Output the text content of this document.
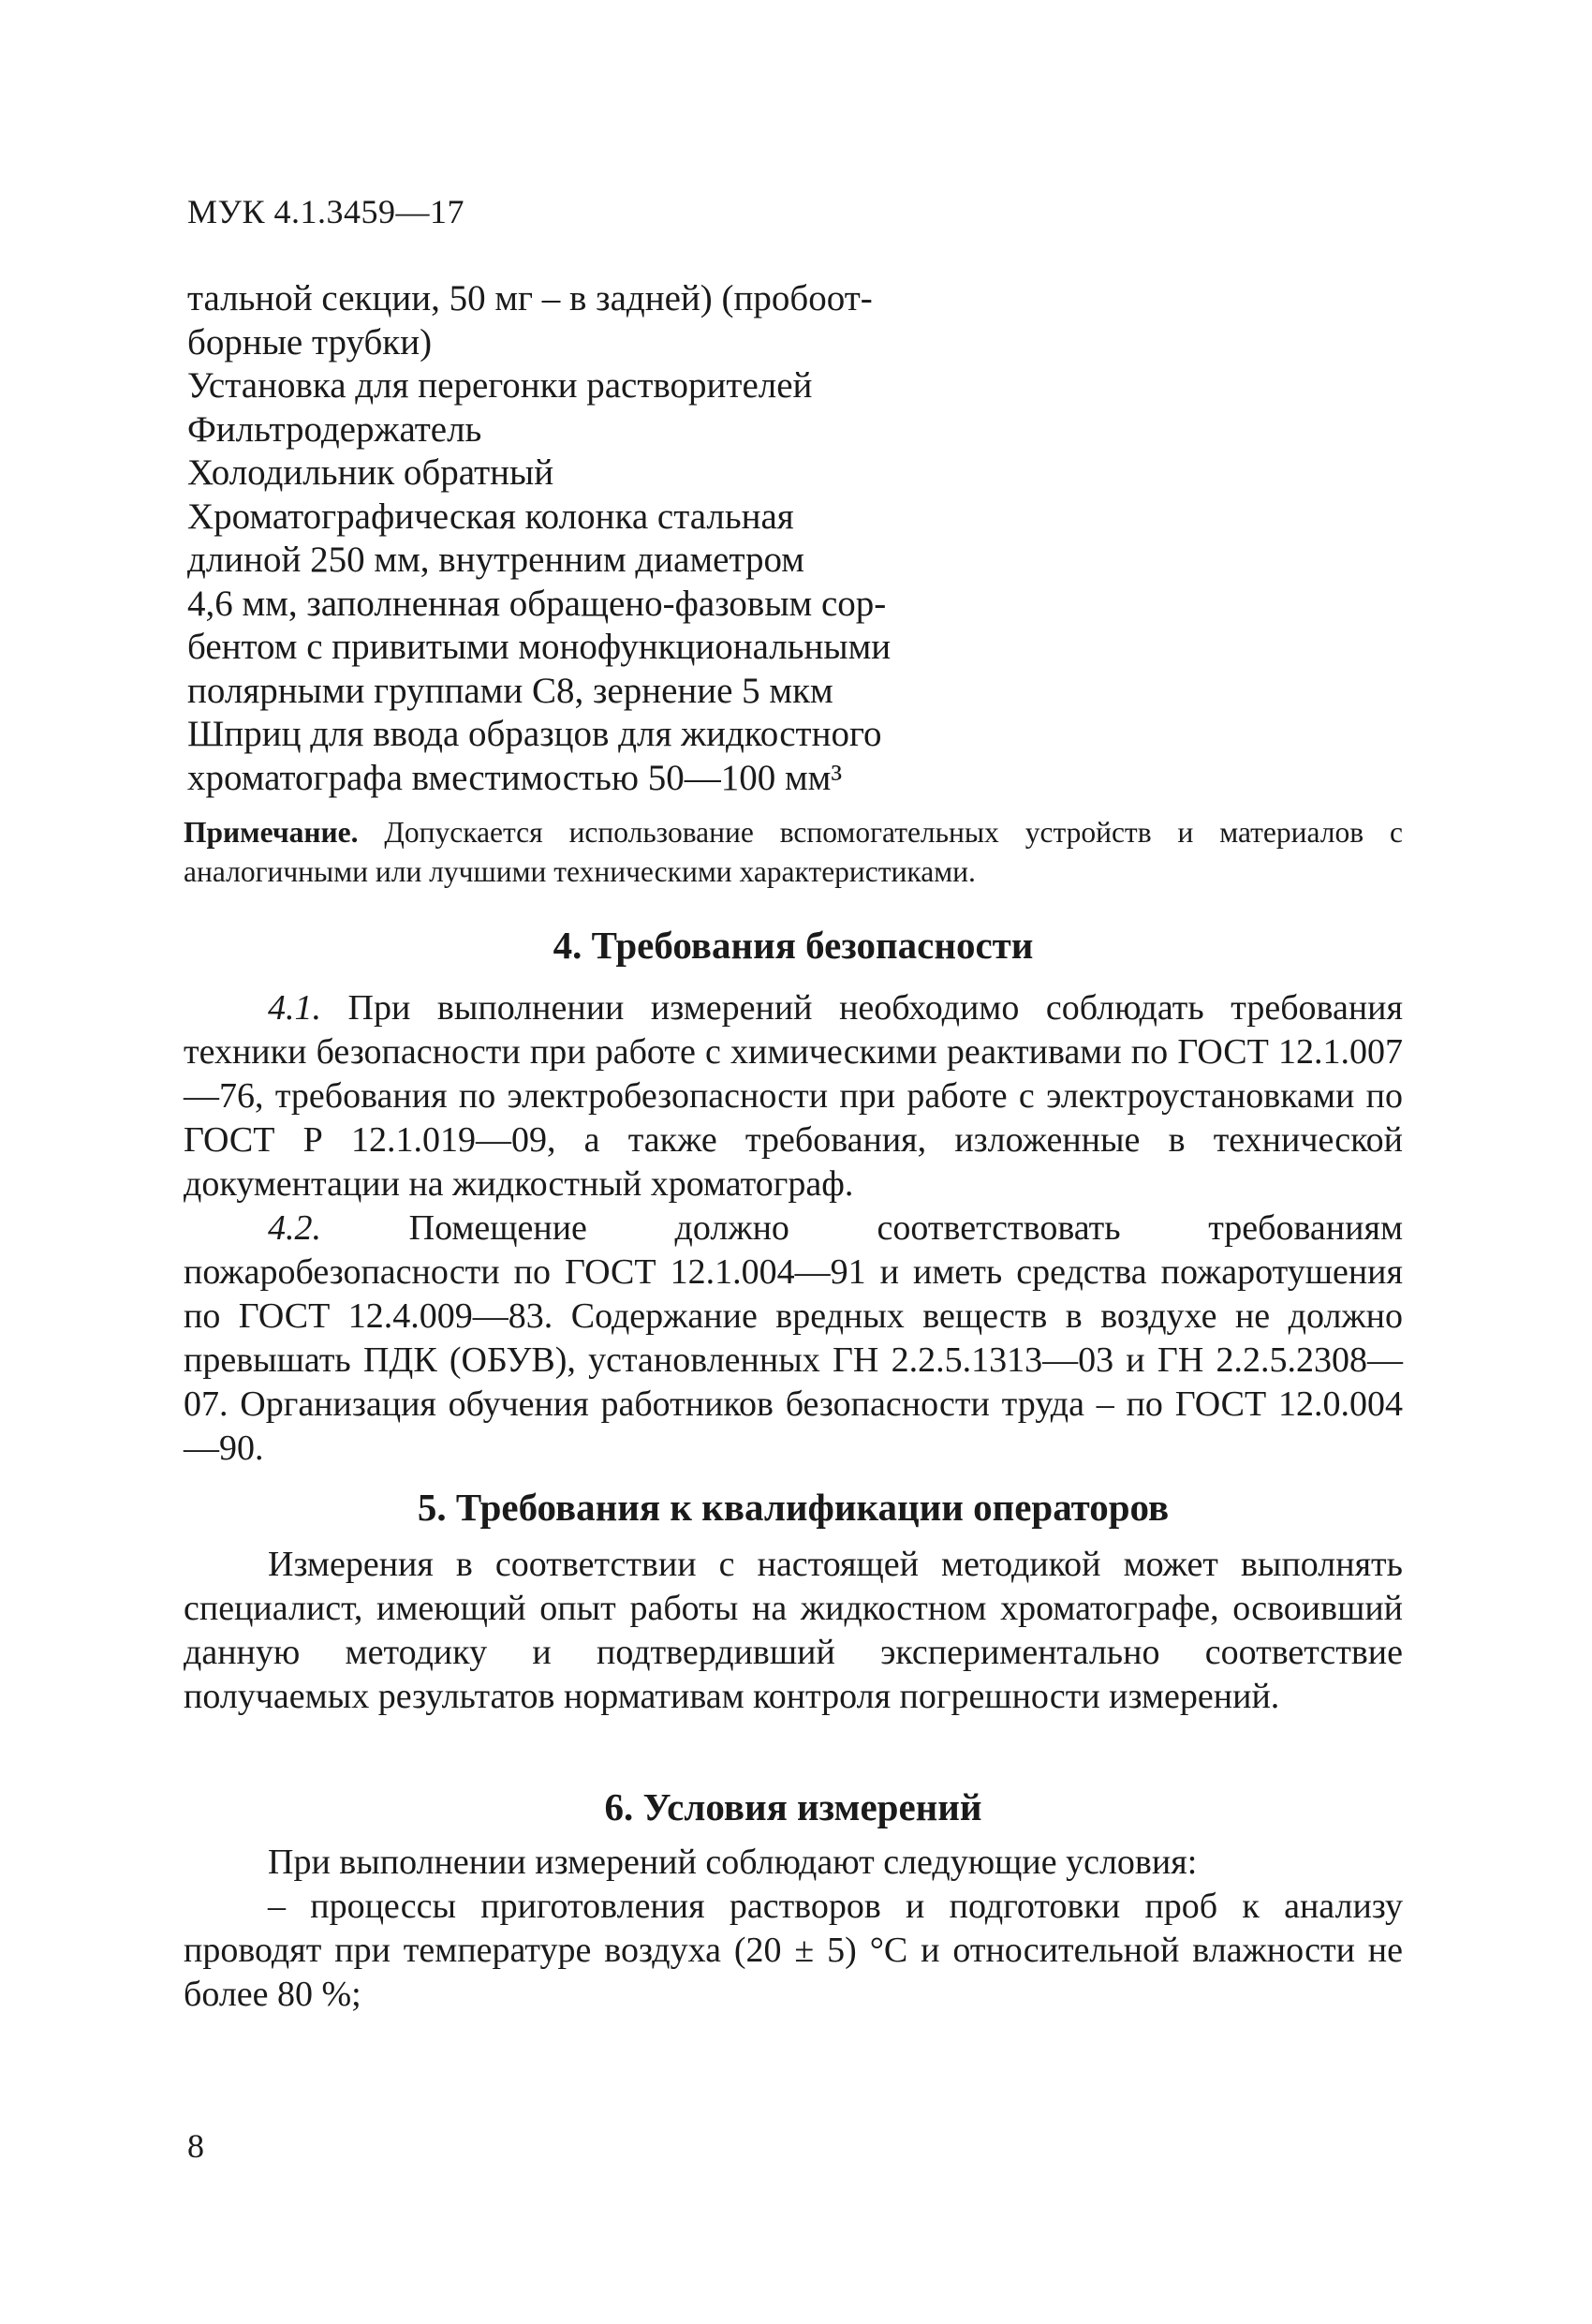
МУК 4.1.3459—17
тальной секции, 50 мг – в задней) (пробоот-
борные трубки)
Установка для перегонки растворителей
Фильтродержатель
Холодильник обратный
Хроматографическая колонка стальная
длиной 250 мм, внутренним диаметром
4,6 мм, заполненная обращено-фазовым сор-
бентом с привитыми монофункциональными
полярными группами С8, зернение 5 мкм
Шприц для ввода образцов для жидкостного
хроматографа вместимостью 50—100 мм³

Примечание. Допускается использование вспомогательных устройств и материалов с аналогичными или лучшими техническими характеристиками.

4. Требования безопасности

4.1. При выполнении измерений необходимо соблюдать требования техники безопасности при работе с химическими реактивами по ГОСТ 12.1.007—76, требования по электробезопасности при работе с электроустановками по ГОСТ Р 12.1.019—09, а также требования, изложенные в технической документации на жидкостный хроматограф.

4.2. Помещение должно соответствовать требованиям пожаробезопасности по ГОСТ 12.1.004—91 и иметь средства пожаротушения по ГОСТ 12.4.009—83. Содержание вредных веществ в воздухе не должно превышать ПДК (ОБУВ), установленных ГН 2.2.5.1313—03 и ГН 2.2.5.2308—07. Организация обучения работников безопасности труда – по ГОСТ 12.0.004—90.

5. Требования к квалификации операторов

Измерения в соответствии с настоящей методикой может выполнять специалист, имеющий опыт работы на жидкостном хроматографе, освоивший данную методику и подтвердивший экспериментально соответствие получаемых результатов нормативам контроля погрешности измерений.

6. Условия измерений

При выполнении измерений соблюдают следующие условия:

– процессы приготовления растворов и подготовки проб к анализу проводят при температуре воздуха (20 ± 5) °С и относительной влажности не более 80 %;

8
